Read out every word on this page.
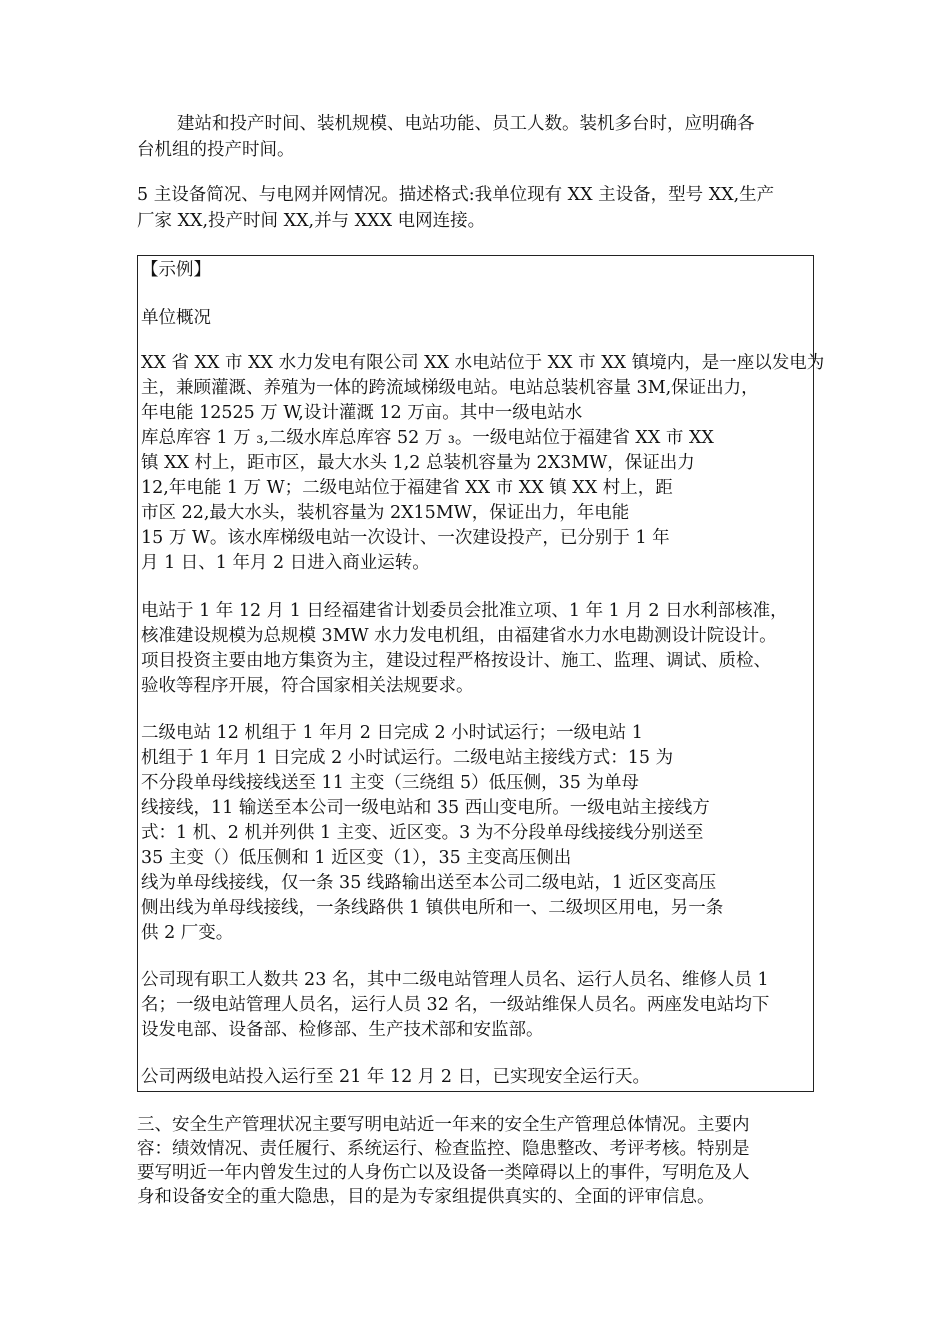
建站和投产时间、装机规模、电站功能、员工人数。装机多台时，应明确各
台机组的投产时间。
5 主设备简况、与电网并网情况。描述格式:我单位现有 XX 主设备，型号 XX,生产
厂家 XX,投产时间 XX,并与 XXX 电网连接。
【示例】
单位概况
XX 省 XX 市 XX 水力发电有限公司 XX 水电站位于 XX 市 XX 镇境内，是一座以发电为
主，兼顾灌溉、养殖为一体的跨流域梯级电站。电站总装机容量 3M,保证出力，
年电能 12525 万 W,设计灌溉 12 万亩。其中一级电站水
库总库容 1 万 ₃,二级水库总库容 52 万 ₃。一级电站位于福建省 XX 市 XX
镇 XX 村上，距市区，最大水头 1,2 总装机容量为 2X3MW，保证出力
12,年电能 1 万 W；二级电站位于福建省 XX 市 XX 镇 XX 村上，距
市区 22,最大水头，装机容量为 2X15MW，保证出力，年电能
15 万 W。该水库梯级电站一次设计、一次建设投产，已分别于 1 年
月 1 日、1 年月 2 日进入商业运转。
电站于 1 年 12 月 1 日经福建省计划委员会批准立项、1 年 1 月 2 日水利部核准，
核准建设规模为总规模 3MW 水力发电机组，由福建省水力水电勘测设计院设计。
项目投资主要由地方集资为主，建设过程严格按设计、施工、监理、调试、质检、
验收等程序开展，符合国家相关法规要求。
二级电站 12 机组于 1 年月 2 日完成 2 小时试运行；一级电站 1
机组于 1 年月 1 日完成 2 小时试运行。二级电站主接线方式：15 为
不分段单母线接线送至 11 主变（三绕组 5）低压侧，35 为单母
线接线，11 输送至本公司一级电站和 35 西山变电所。一级电站主接线方
式：1 机、2 机并列供 1 主变、近区变。3 为不分段单母线接线分别送至
35 主变（）低压侧和 1 近区变（1），35 主变高压侧出
线为单母线接线，仅一条 35 线路输出送至本公司二级电站，1 近区变高压
侧出线为单母线接线，一条线路供 1 镇供电所和一、二级坝区用电，另一条
供 2 厂变。
公司现有职工人数共 23 名，其中二级电站管理人员名、运行人员名、维修人员 1
名；一级电站管理人员名，运行人员 32 名，一级站维保人员名。两座发电站均下
设发电部、设备部、检修部、生产技术部和安监部。
公司两级电站投入运行至 21 年 12 月 2 日，已实现安全运行天。
三、安全生产管理状况主要写明电站近一年来的安全生产管理总体情况。主要内
容：绩效情况、责任履行、系统运行、检查监控、隐患整改、考评考核。特别是
要写明近一年内曾发生过的人身伤亡以及设备一类障碍以上的事件，写明危及人
身和设备安全的重大隐患，目的是为专家组提供真实的、全面的评审信息。
